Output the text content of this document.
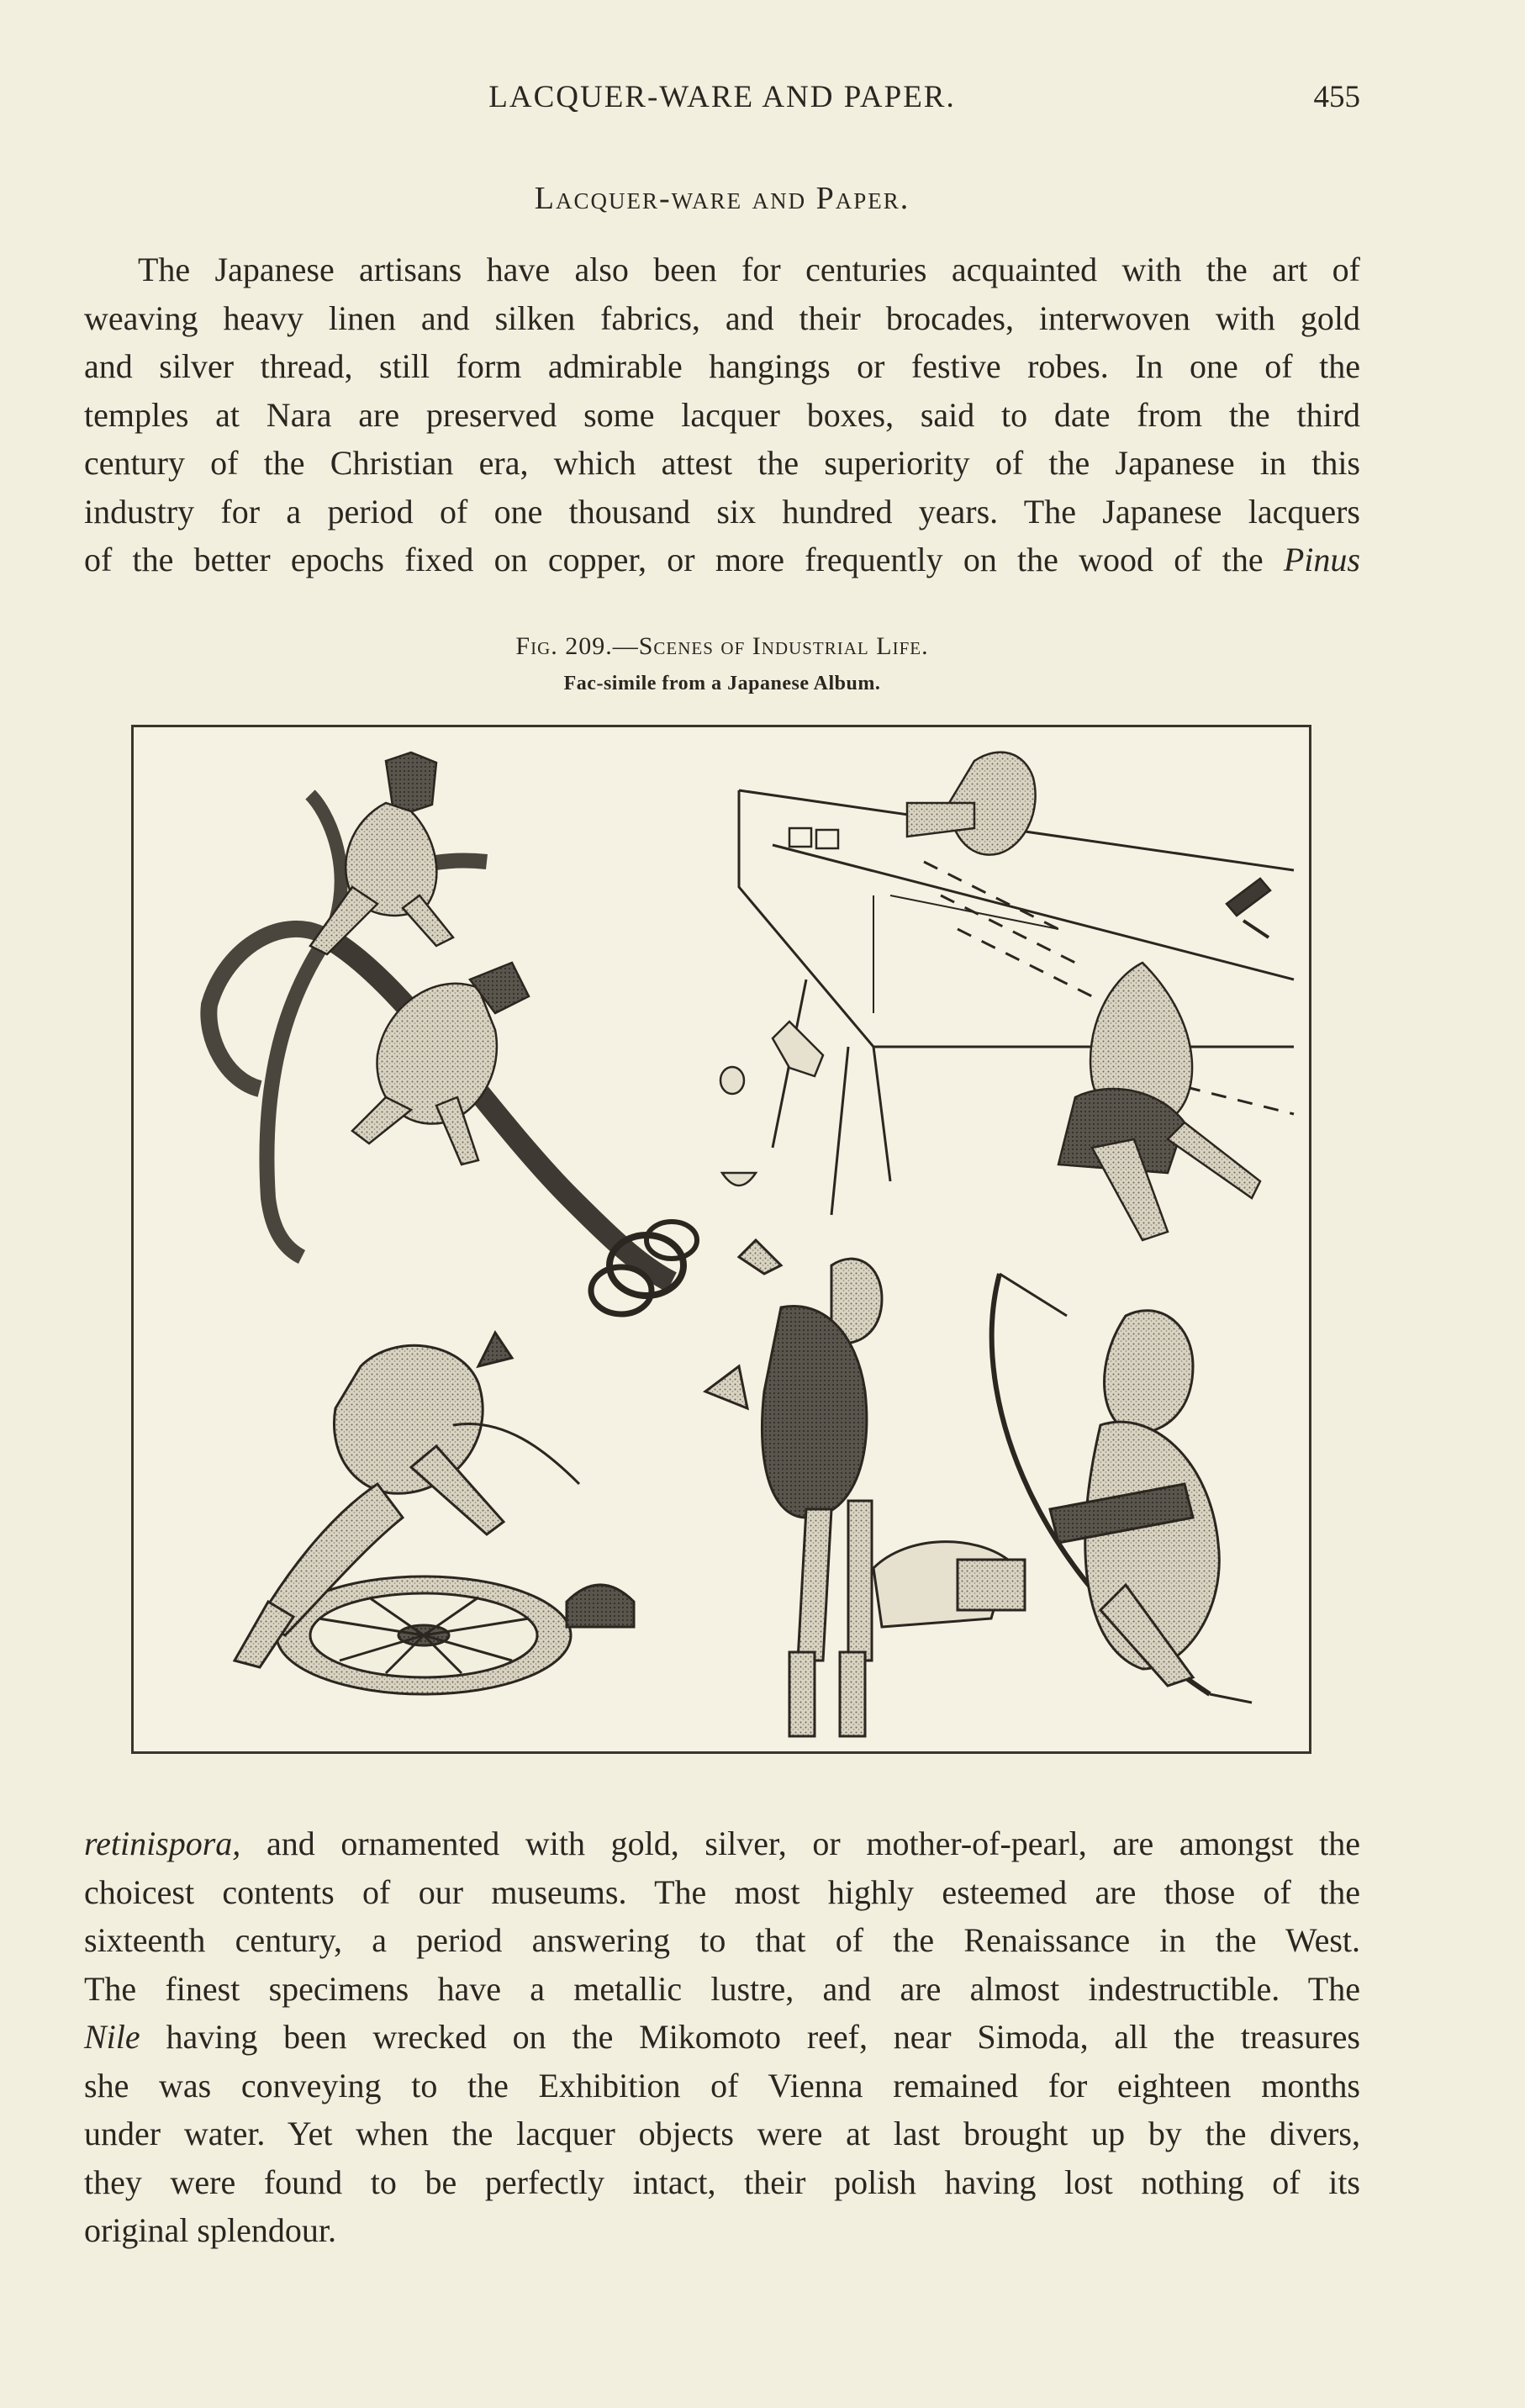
LACQUER-WARE AND PAPER.	455
Lacquer-ware and Paper.
The Japanese artisans have also been for centuries acquainted with the art of
weaving heavy linen and silken fabrics, and their brocades, interwoven with gold
and silver thread, still form admirable hangings or festive robes. In one of the
temples at Nara are preserved some lacquer boxes, said to date from the third
century of the Christian era, which attest the superiority of the Japanese in this
industry for a period of one thousand six hundred years. The Japanese lacquers
of the better epochs fixed on copper, or more frequently on the wood of the Pinus
Fig. 209.—Scenes of Industrial Life.
Fac-simile from a Japanese Album.
retinispora, and ornamented with gold, silver, or mother-of-pearl, are amongst the
choicest contents of our museums. The most highly esteemed are those of the
sixteenth century, a period answering to that of the Renaissance in the West.
The finest specimens have a metallic lustre, and are almost indestructible. The
Nile having been wrecked on the Mikomoto reef, near Simoda, all the treasures
she was conveying to the Exhibition of Vienna remained for eighteen months
under water. Yet when the lacquer objects were at last brought up by the divers,
they were found to be perfectly intact, their polish having lost nothing of its
original splendour.
